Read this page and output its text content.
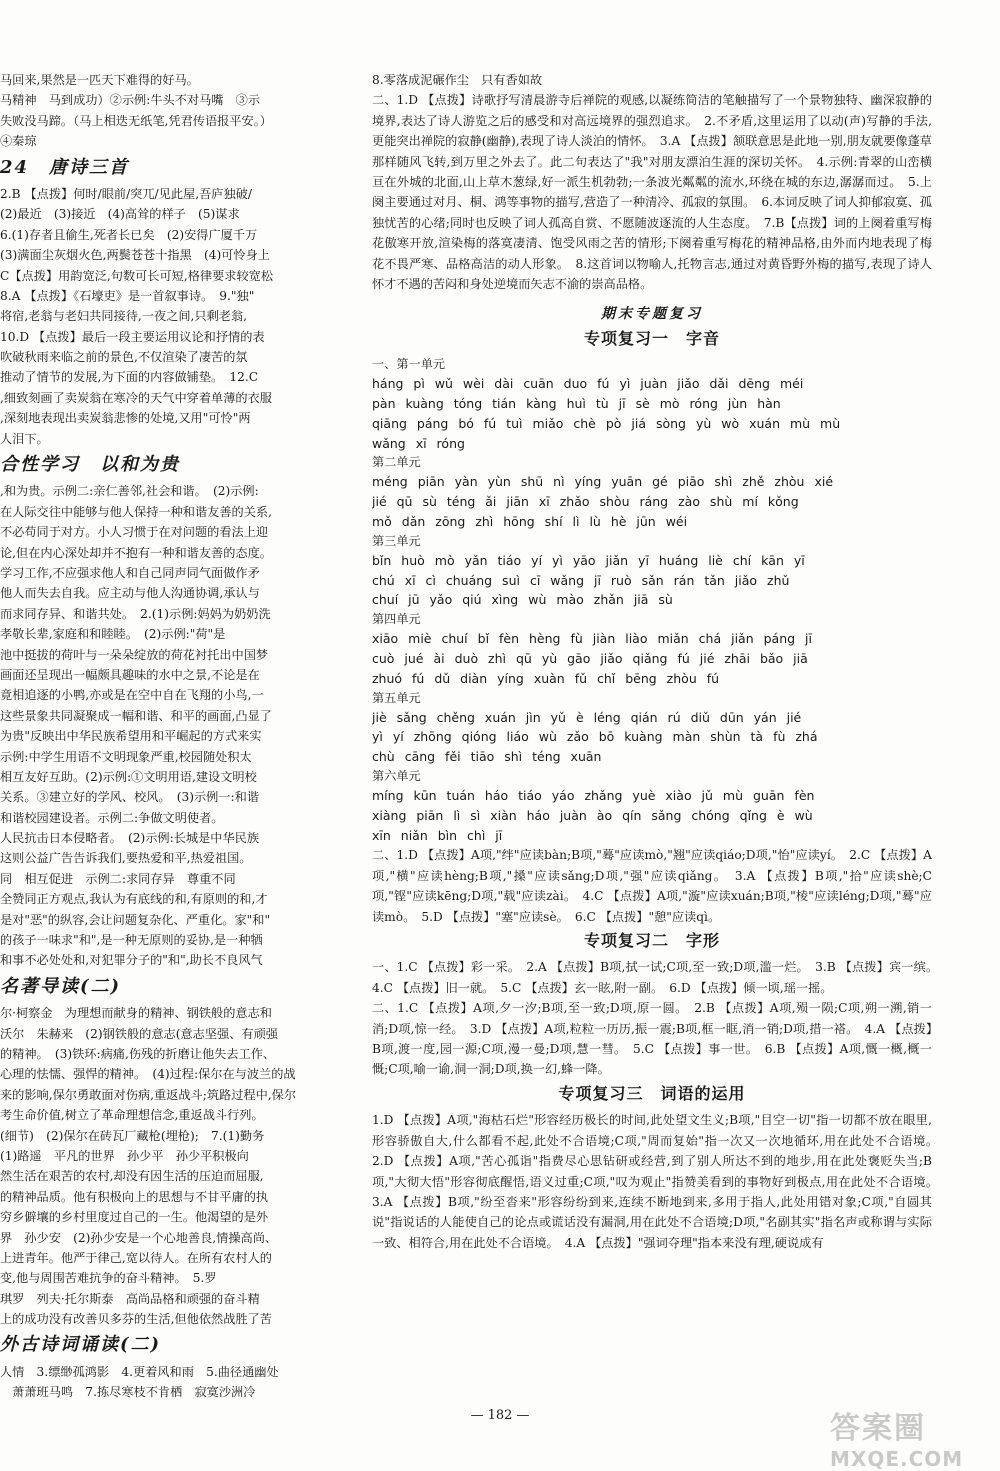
马回来,果然是一匹天下难得的好马。
马精神　马到成功）②示例:牛头不对马嘴　③示
失败没马蹄。（马上相迭无纸笔,凭君传语报平安。）
④秦琼
24　唐诗三首
2.B 【点拨】何时/眼前/突兀/见此屋,吾庐独破/
(2)最近　(3)接近　(4)高耸的样子　(5)谋求
6.(1)存者且偷生,死者长已矣　(2)安得广厦千万
(3)满面尘灰烟火色,两鬓苍苍十指黑　(4)可怜身上
C【点拨】用韵宽泛,句数可长可短,格律要求较宽松
8.A 【点拨】《石壕吏》是一首叙事诗。　9."独"
将宿,老翁与老妇共同接待,一夜之间,只剩老翁,
10.D 【点拨】最后一段主要运用议论和抒情的表
吹破秋雨来临之前的景色,不仅渲染了凄苦的氛
推动了情节的发展,为下面的内容做铺垫。　12.C
,细致刻画了卖炭翁在寒冷的天气中穿着单薄的衣服
,深刻地表现出卖炭翁悲惨的处境,又用"可怜"两
人泪下。
合性学习　以和为贵
,和为贵。示例二:亲仁善邻,社会和谐。　(2)示例:
在人际交往中能够与他人保持一种和谐友善的关系,
不必苟同于对方。小人习惯于在对问题的看法上迎
论,但在内心深处却并不抱有一种和谐友善的态度。
学习工作,不应强求他人和自己同声同气面做作矛
他人而失去自我。应主动与他人沟通协调,承认与
而求同存异、和谐共处。　2.(1)示例:妈妈为奶奶洗
孝敬长辈,家庭和和睦睦。　(2)示例:"荷"是
池中挺拔的荷叶与一朵朵绽放的荷花衬托出中国梦
画面还呈现出一幅颇具趣味的水中之景,不论是在
竟相追逐的小鸭,亦或是在空中自在飞翔的小鸟,一
这些景象共同凝聚成一幅和谐、和平的画面,凸显了
为贵"反映出中华民族希望用和平崛起的方式来实
示例:中学生用语不文明现象严重,校园随处积太
相互友好互助。(2)示例:①文明用语,建设文明校
关系。③建立好的学风、校风。　(3)示例一:和谐
和谐校园建设者。示例二:争做文明使者。
人民抗击日本侵略者。　(2)示例:长城是中华民族
这则公益广告告诉我们,要热爱和平,热爱祖国。
同　相互促进　示例二:求同存异　尊重不同
全赞同正方观点,我认为有底线的和,有原则的和,才
是对"恶"的纵容,会让问题复杂化、严重化。家"和"
的孩子一味求"和",是一种无原则的妥协,是一种牺
和事不必处处和,对犯罪分子的"和",助长不良风气
名著导读(二)
尔·柯察金　为理想而献身的精神、钢铁般的意志和
沃尔　朱赫来　(2)钢铁般的意志(意志坚强、有顽强
的精神。　(3)铁环:病痛,伤残的折磨让他失去工作、
心理的怯懦、强悍的精神。　(4)过程:保尔在与波兰的战
来的影响,保尔勇敢面对伤病,重返战斗;筑路过程中,保尔
考生命价值,树立了革命理想信念,重返战斗行列。
(细节)　(2)保尔在砖瓦厂藏枪(埋枪);　7.(1)勤务
(1)路遥　平凡的世界　孙少平　孙少平积极向
然生活在艰苦的农村,却没有因生活的压迫而屈服,
的精神品质。他有积极向上的思想与不甘平庸的执
穷乡僻壤的乡村里度过自己的一生。他渴望的是外
界　孙少安　(2)孙少安是一个心地善良,情操高尚、
上进青年。他严于律己,宽以待人。在所有农村人的
变,他与周围苦难抗争的奋斗精神。　5.罗
琪罗　列夫·托尔斯泰　高尚品格和顽强的奋斗精
上的成功没有改善贝多芬的生活,但他依然战胜了苦
外古诗词诵读(二)
人情　3.缥缈孤鸿影　4.更着风和雨　5.曲径通幽处
　萧萧班马鸣　7.拣尽寒枝不肯栖　寂寞沙洲冷
8.零落成泥碾作尘　只有香如故
二、1.D 【点拨】诗歌抒写清晨游寺后禅院的观感,以凝练简洁的笔触描写了一个景物独特、幽深寂静的境界,表达了诗人游览之后的感受和对高远境界的强烈追求。　2.不矛盾,这里运用了以动(声)写静的手法,更能突出禅院的寂静(幽静),表现了诗人淡泊的情怀。　3.A 【点拨】颔联意思是此地一别,朋友就要像蓬草那样随风飞转,到万里之外去了。此二句表达了"我"对朋友漂泊生涯的深切关怀。　4.示例:青翠的山峦横亘在外城的北面,山上草木葱绿,好一派生机勃勃;一条波光粼粼的流水,环绕在城的东边,潺潺而过。　5.上阕主要通过对月、桐、鸿等事物的描写,营造了一种清冷、孤寂的氛围。　6.本词反映了词人抑郁寂寞、孤独忧苦的心绪;同时也反映了词人孤高自赏、不愿随波逐流的人生态度。　7.B【点拨】词的上阕着重写梅花傲寒开放,渲染梅的落寞凄清、饱受风雨之苦的情形;下阕着重写梅花的精神品格,由外而内地表现了梅花不畏严寒、品格高洁的动人形象。　8.这首词以物喻人,托物言志,通过对黄昏野外梅的描写,表现了诗人怀才不遇的苦闷和身处逆境而矢志不渝的崇高品格。
期末专题复习
专项复习一　字音
一、第一单元
háng pì wǔ wèi dài cuān duo fú yì juàn jiǎo dǎi dēng méi
pàn kuàng tóng tián kàng huì tù jī sè mò róng jùn hàn
qiāng páng bó fú tuì miǎo chè pò jiá sòng yù wò xuán mù mù
wǎng xī róng
第二单元
méng piān yàn yùn shū nì yíng yuān gé piāo shì zhě zhòu xié
jié qū sù téng ǎi jiān xī zhǎo shòu ráng zào shù mí kǒng
mǒ dǎn zōng zhì hōng shí lì lù hè jūn wéi
第三单元
bǐn huò mò yǎn tiáo yí yì yāo jiǎn yī huáng liè chí kān yī
chú xī cì chuáng suì cī wǎng jī ruò sǎn rán tǎn jiǎo zhǔ
chuí jū yǎo qiú xìng wù mào zhǎn jiā sù
第四单元
xiāo miè chuí bǐ fèn hèng fù jiàn liào miǎn chá jiǎn páng jī
cuò jué ài duò zhì qū yù gāo jiǎo qiǎng fú jié zhāi bǎo jiā
zhuó fú dǔ diàn yíng xuàn fǔ chǐ bēng zhòu fú
第五单元
jiè sǎng chěng xuán jìn yǔ è léng qián rú diǔ dūn yán jié
yì yí zhōng qióng liáo wù zǎo bō kuàng màn shùn tà fù zhá
chù cāng fěi tiāo shì téng xuān
第六单元
míng kūn tuán háo tiáo yáo zhǎng yuè xiào jǔ mù guān fèn
xiàng piān lì sì xiàn háo juàn ào qín sǎng chóng qǐng è wù
xīn niǎn bìn chì jī
二、1.D 【点拨】A项,"绊"应读bàn;B项,"蓦"应读mò,"翘"应读qiáo;D项,"怡"应读yí。　2.C 【点拨】A项,"横"应读hèng;B项,"搡"应读sǎng;D项,"强"应读qiǎng。　3.A 【点拨】B项,"拾"应读shè;C项,"铿"应读kēng;D项,"载"应读zài。　4.C 【点拨】A项,"漩"应读xuán;B项,"棱"应读léng;D项,"蓦"应读mò。　5.D 【点拨】"塞"应读sè。　6.C 【点拨】"憩"应读qì。
专项复习二　字形
一、1.C 【点拨】彩一采。　2.A 【点拨】B项,拭一试;C项,至一致;D项,滥一烂。　3.B 【点拨】宾一缤。　4.C 【点拨】旧一就。　5.C 【点拨】玄一眩,附一副。　6.D 【点拨】倾一顷,瑶一摇。
二、1.C 【点拨】A项,夕一汐;B项,至一致;D项,原一圆。　2.B 【点拨】A项,殒一陨;C项,朔一溯,销一消;D项,惊一经。　3.D 【点拨】A项,粒粒一历历,振一震;B项,框一眶,消一销;D项,措一褡。　4.A 【点拨】B项,渡一度,园一源;C项,漫一曼;D项,慧一彗。　5.C 【点拨】事一世。　6.B 【点拨】A项,慨一概,概一慨;C项,喻一谕,洞一洞;D项,换一幻,蜂一降。
专项复习三　词语的运用
1.D 【点拨】A项,"海枯石烂"形容经历极长的时间,此处望文生义;B项,"目空一切"指一切都不放在眼里,形容骄傲自大,什么都看不起,此处不合语境;C项,"周而复始"指一次又一次地循环,用在此处不合语境。　2.D 【点拨】A项,"苦心孤诣"指费尽心思钻研或经营,到了别人所达不到的地步,用在此处褒贬失当;B项,"大彻大悟"形容彻底醒悟,语义过重;C项,"叹为观止"指赞美看到的事物好到极点,用在此处不合语境。　3.A 【点拨】B项,"纷至沓来"形容纷纷到来,连续不断地到来,多用于指人,此处用错对象;C项,"自圆其说"指说话的人能使自己的论点或谎话没有漏洞,用在此处不合语境;D项,"名副其实"指名声或称谓与实际一致、相符合,用在此处不合语境。　4.A 【点拨】"强词夺理"指本来没有理,硬说成有
— 182 —	答案圈
MXQE.COM
